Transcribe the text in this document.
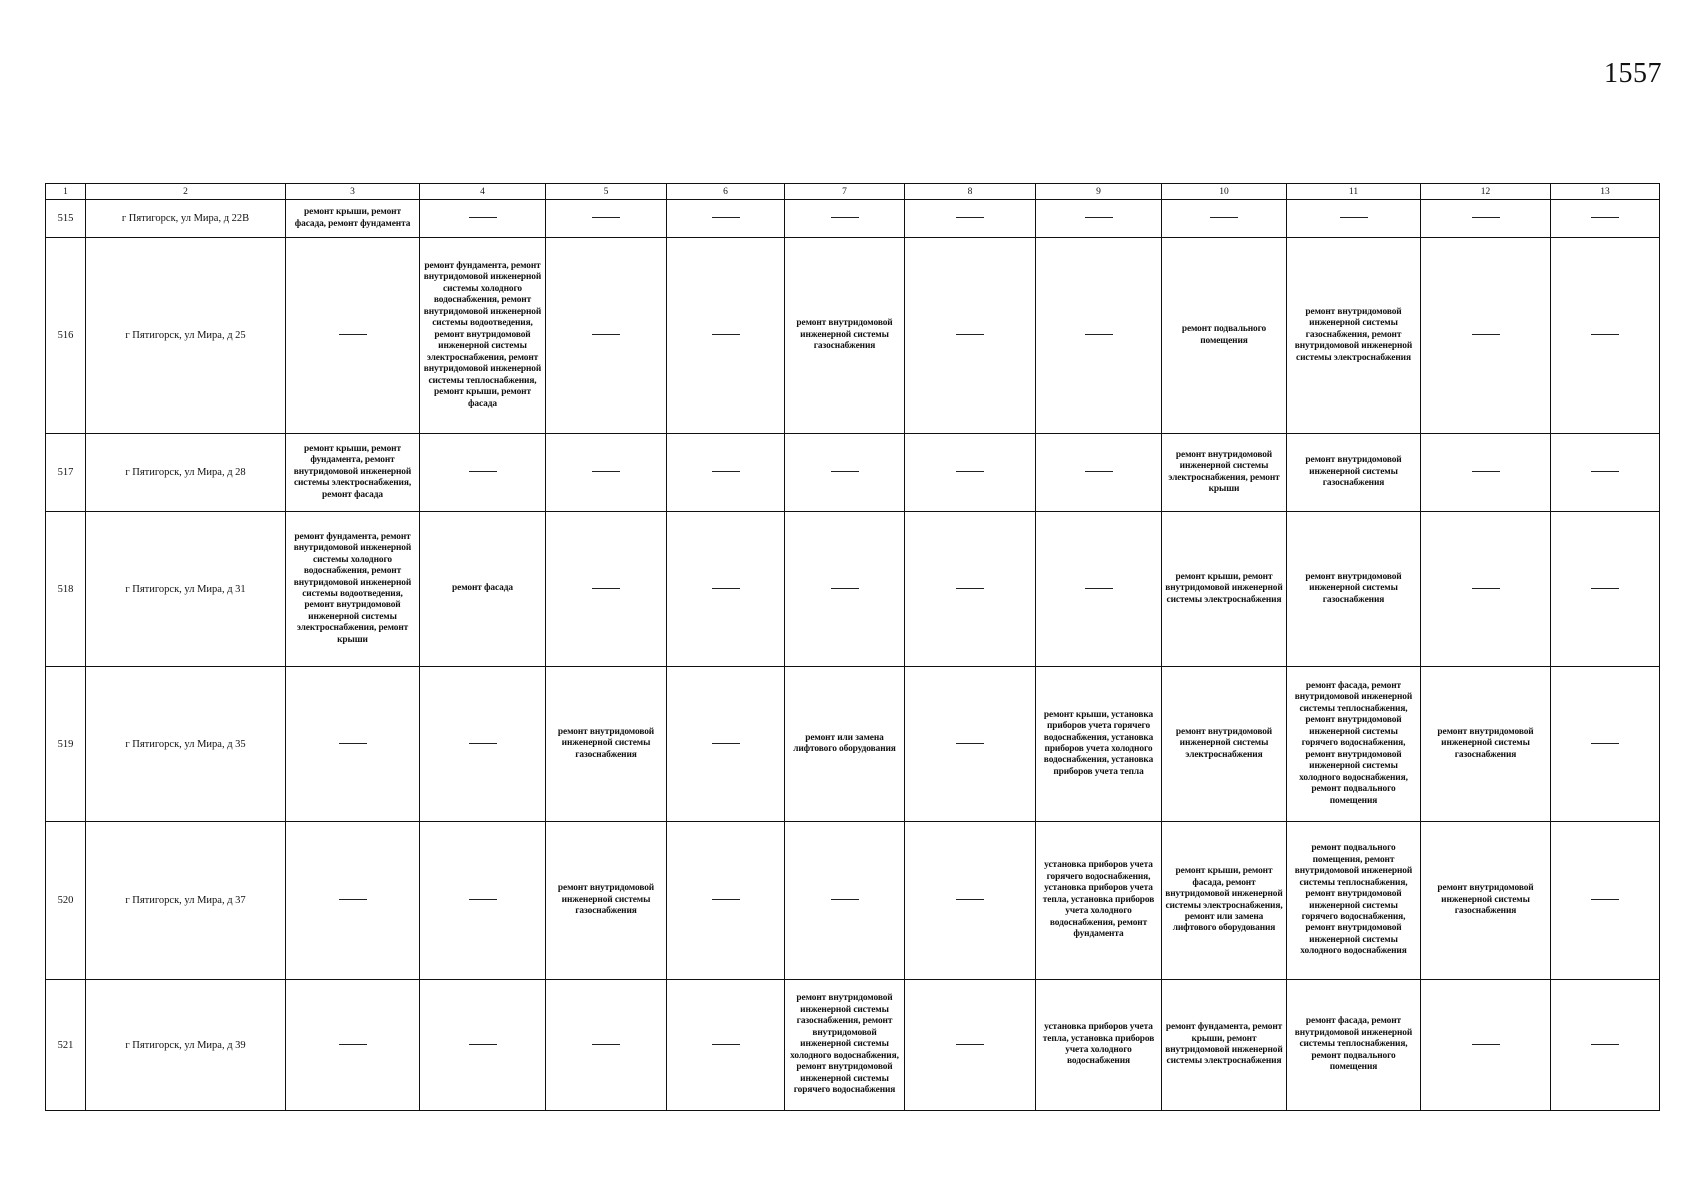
1557
1	2	3	4	5	6	7	8	9	10	11	12	13
515	г Пятигорск, ул Мира, д 22В	ремонт крыши, ремонт фасада, ремонт фундамента										
516	г Пятигорск, ул Мира, д 25		ремонт фундамента, ремонт внутридомовой инженерной системы холодного водоснабжения, ремонт внутридомовой инженерной системы водоотведения, ремонт внутридомовой инженерной системы электроснабжения, ремонт внутридомовой инженерной системы теплоснабжения, ремонт крыши, ремонт фасада			ремонт внутридомовой инженерной системы газоснабжения			ремонт подвального помещения	ремонт внутридомовой инженерной системы газоснабжения, ремонт внутридомовой инженерной системы электроснабжения		
517	г Пятигорск, ул Мира, д 28	ремонт крыши, ремонт фундамента, ремонт внутридомовой инженерной системы электроснабжения, ремонт фасада							ремонт внутридомовой инженерной системы электроснабжения, ремонт крыши	ремонт внутридомовой инженерной системы газоснабжения		
518	г Пятигорск, ул Мира, д 31	ремонт фундамента, ремонт внутридомовой инженерной системы холодного водоснабжения, ремонт внутридомовой инженерной системы водоотведения, ремонт внутридомовой инженерной системы электроснабжения, ремонт крыши	ремонт фасада						ремонт крыши, ремонт внутридомовой инженерной системы электроснабжения	ремонт внутридомовой инженерной системы газоснабжения		
519	г Пятигорск, ул Мира, д 35			ремонт внутридомовой инженерной системы газоснабжения		ремонт или замена лифтового оборудования		ремонт крыши, установка приборов учета горячего водоснабжения, установка приборов учета холодного водоснабжения, установка приборов учета тепла	ремонт внутридомовой инженерной системы электроснабжения	ремонт фасада, ремонт внутридомовой инженерной системы теплоснабжения, ремонт внутридомовой инженерной системы горячего водоснабжения, ремонт внутридомовой инженерной системы холодного водоснабжения, ремонт подвального помещения	ремонт внутридомовой инженерной системы газоснабжения	
520	г Пятигорск, ул Мира, д 37			ремонт внутридомовой инженерной системы газоснабжения				установка приборов учета горячего водоснабжения, установка приборов учета тепла, установка приборов учета холодного водоснабжения, ремонт фундамента	ремонт крыши, ремонт фасада, ремонт внутридомовой инженерной системы электроснабжения, ремонт или замена лифтового оборудования	ремонт подвального помещения, ремонт внутридомовой инженерной системы теплоснабжения, ремонт внутридомовой инженерной системы горячего водоснабжения, ремонт внутридомовой инженерной системы холодного водоснабжения	ремонт внутридомовой инженерной системы газоснабжения	
521	г Пятигорск, ул Мира, д 39					ремонт внутридомовой инженерной системы газоснабжения, ремонт внутридомовой инженерной системы холодного водоснабжения, ремонт внутридомовой инженерной системы горячего водоснабжения		установка приборов учета тепла, установка приборов учета холодного водоснабжения	ремонт фундамента, ремонт крыши, ремонт внутридомовой инженерной системы электроснабжения	ремонт фасада, ремонт внутридомовой инженерной системы теплоснабжения, ремонт подвального помещения		
